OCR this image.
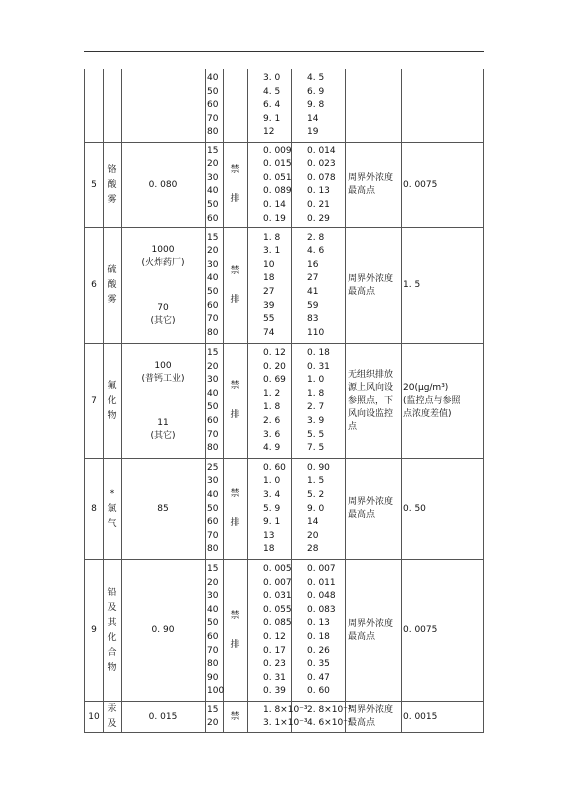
40
50
60
70
80
3. 0
4. 5
6. 4
9. 1
12
4. 5
6. 9
9. 8
14
19
5
铬
酸
雾
0. 080
15
20
30
40
50
60
0. 009
0. 015
0. 051
0. 089
0. 14
0. 19
0. 014
0. 023
0. 078
0. 13
0. 21
0. 29
禁
排
周界外浓度
最高点
0. 0075
6
硫
酸
雾
1000
(火炸药厂)
70
(其它)
15
20
30
40
50
60
70
80
1. 8
3. 1
10
18
27
39
55
74
2. 8
4. 6
16
27
41
59
83
110
禁
排
周界外浓度
最高点
1. 5
7
氟
化
物
100
(普钙工业)
11
(其它)
15
20
30
40
50
60
70
80
0. 12
0. 20
0. 69
1. 2
1. 8
2. 6
3. 6
4. 9
0. 18
0. 31
1. 0
1. 8
2. 7
3. 9
5. 5
7. 5
禁
排
无组织排放
源上风向设
参照点，下
风向设监控
点
20(μg/m³)
(监控点与参照
点浓度差值)
8
*
氯
气
85
25
30
40
50
60
70
80
0. 60
1. 0
3. 4
5. 9
9. 1
13
18
0. 90
1. 5
5. 2
9. 0
14
20
28
禁
排
周界外浓度
最高点
0. 50
9
铅
及
其
化
合
物
0. 90
15
20
30
40
50
60
70
80
90
100
0. 005
0. 007
0. 031
0. 055
0. 085
0. 12
0. 17
0. 23
0. 31
0. 39
0. 007
0. 011
0. 048
0. 083
0. 13
0. 18
0. 26
0. 35
0. 47
0. 60
禁
排
周界外浓度
最高点
0. 0075
10
汞
及
0. 015
15
20
1. 8×10⁻³
3. 1×10⁻³
2. 8×10⁻³
4. 6×10⁻³
禁
周界外浓度
最高点
0. 0015
